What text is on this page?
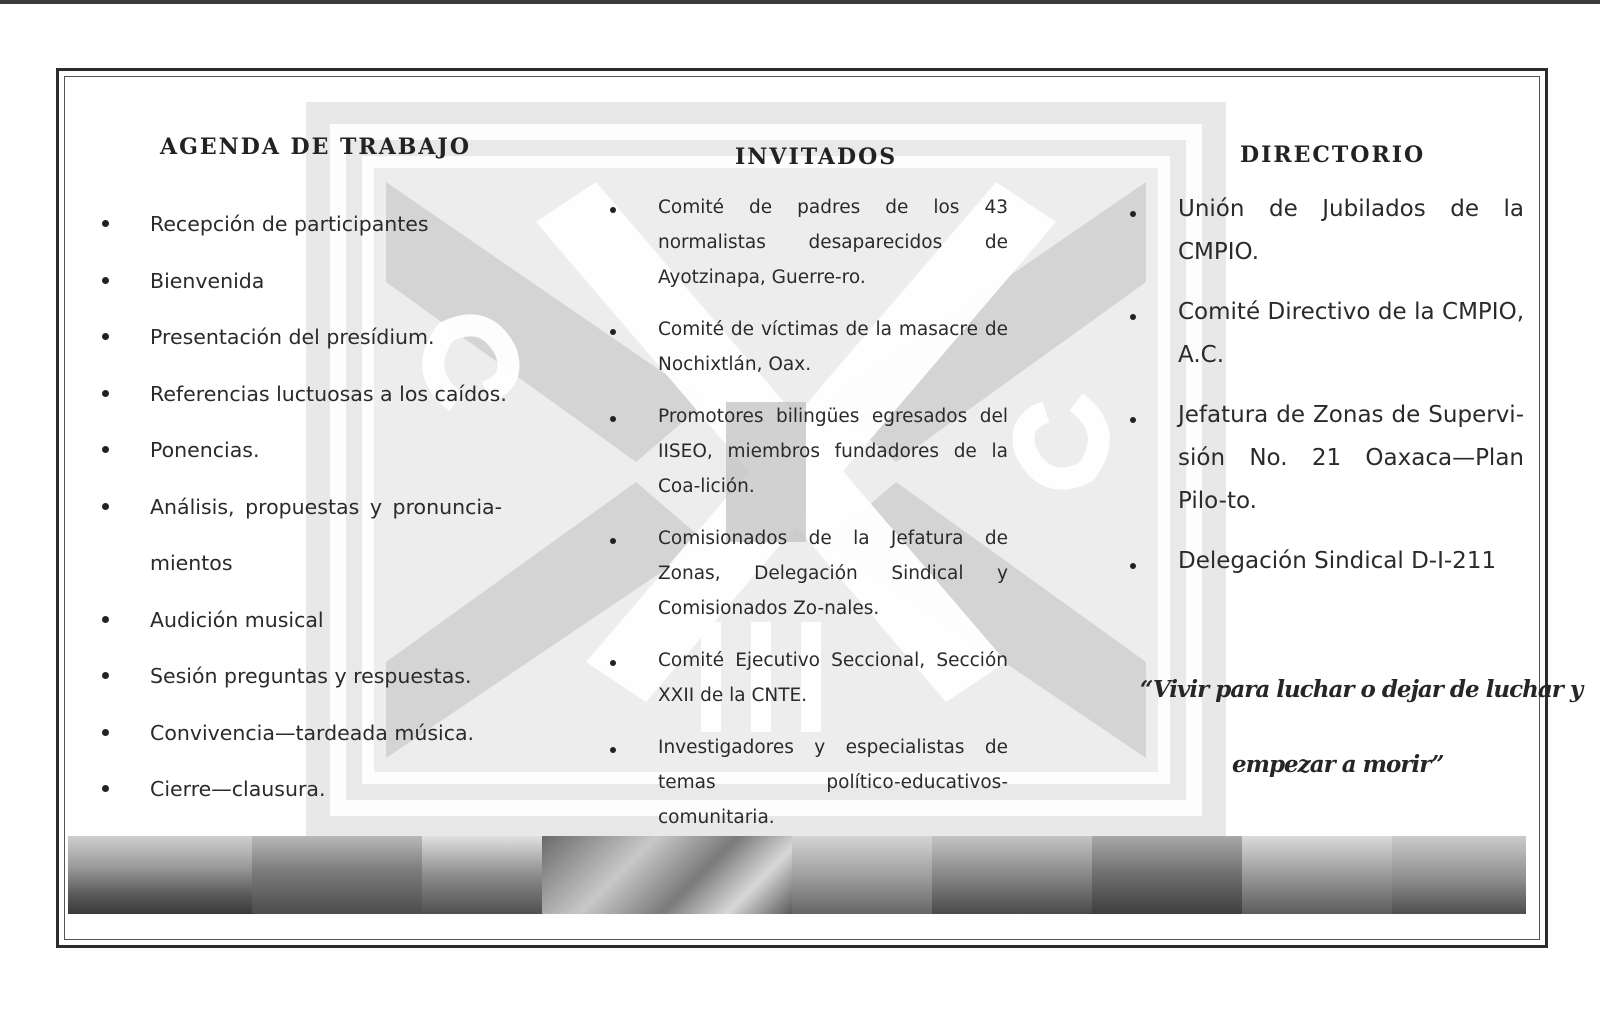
AGENDA DE TRABAJO
Recepción de participantes
Bienvenida
Presentación del presídium.
Referencias luctuosas a los caídos.
Ponencias.
Análisis, propuestas y pronuncia-
mientos
Audición musical
Sesión preguntas y respuestas.
Convivencia—tardeada música.
Cierre—clausura.
INVITADOS
Comité de padres de los 43 normalistas desaparecidos de Ayotzinapa, Guerre-ro.
Comité de víctimas de la masacre de Nochixtlán, Oax.
Promotores bilingües egresados del IISEO, miembros fundadores de la Coa-lición.
Comisionados de la Jefatura de Zonas, Delegación Sindical y Comisionados Zo-nales.
Comité Ejecutivo Seccional, Sección XXII de la CNTE.
Investigadores y especialistas de temas político-educativos-comunitaria.
DIRECTORIO
Unión de Jubilados de la CMPIO.
Comité Directivo de la CMPIO, A.C.
Jefatura de Zonas de Supervi-sión No. 21 Oaxaca—Plan Pilo-to.
Delegación Sindical D-I-211

“Vivir para luchar o dejar de luchar y
empezar a morir”
